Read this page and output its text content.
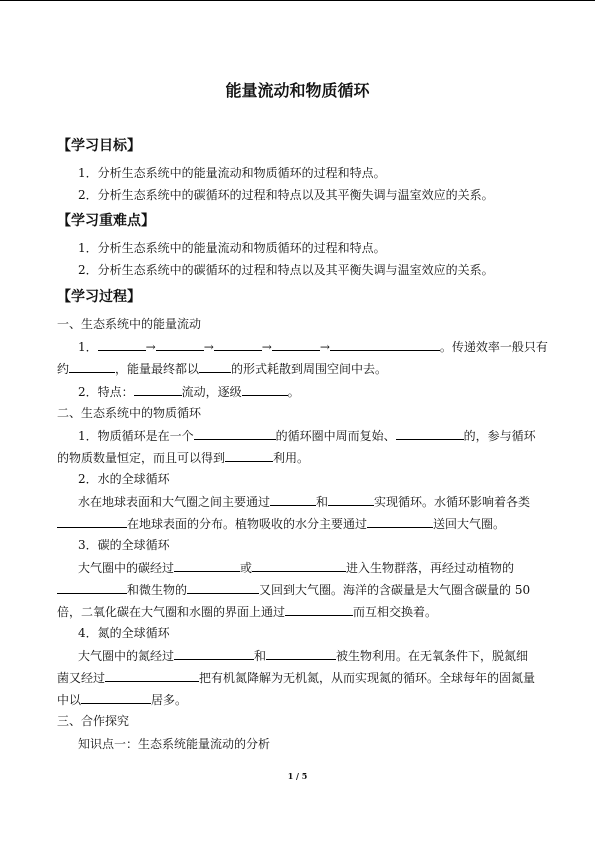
能量流动和物质循环
【学习目标】
1．分析生态系统中的能量流动和物质循环的过程和特点。
2．分析生态系统中的碳循环的过程和特点以及其平衡失调与温室效应的关系。
【学习重难点】
1．分析生态系统中的能量流动和物质循环的过程和特点。
2．分析生态系统中的碳循环的过程和特点以及其平衡失调与温室效应的关系。
【学习过程】
一、生态系统中的能量流动
1．	→	→	→	→	。传递效率一般只有
约	，能量最终都以	的形式耗散到周围空间中去。
2．特点：	流动，逐级	。
二、生态系统中的物质循环
1．物质循环是在一个	的循环圈中周而复始、	的，参与循环
的物质数量恒定，而且可以得到	利用。
2．水的全球循环
水在地球表面和大气圈之间主要通过	和	实现循环。水循环影响着各类
在地球表面的分布。植物吸收的水分主要通过	送回大气圈。
3．碳的全球循环
大气圈中的碳经过	或	进入生物群落，再经过动植物的
和微生物的	又回到大气圈。海洋的含碳量是大气圈含碳量的 50
倍，二氧化碳在大气圈和水圈的界面上通过	而互相交换着。
4．氮的全球循环
大气圈中的氮经过	和	被生物利用。在无氧条件下，脱氮细
菌又经过	把有机氮降解为无机氮，从而实现氮的循环。全球每年的固氮量
中以	居多。
三、合作探究
知识点一：生态系统能量流动的分析
1 / 5
